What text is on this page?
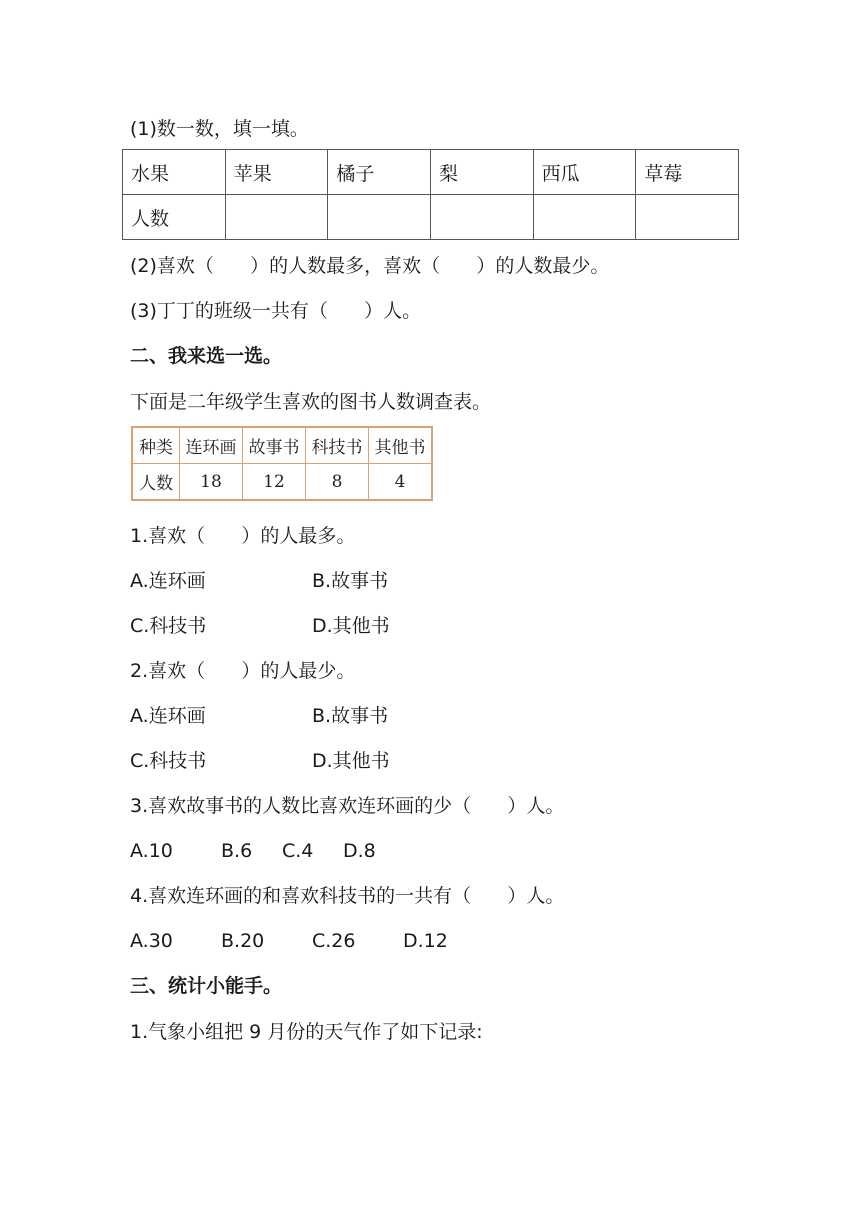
(1)数一数，填一填。
水果	苹果	橘子	梨	西瓜	草莓
人数					
(2)喜欢（      ）的人数最多，喜欢（      ）的人数最少。
(3)丁丁的班级一共有（      ）人。
二、我来选一选。
下面是二年级学生喜欢的图书人数调查表。
种类	连环画	故事书	科技书	其他书
人数	18	12	8	4
1.喜欢（      ）的人最多。
A.连环画	B.故事书
C.科技书	D.其他书
2.喜欢（      ）的人最少。
A.连环画	B.故事书
C.科技书	D.其他书
3.喜欢故事书的人数比喜欢连环画的少（      ）人。
A.10	B.6 C.4 D.8
4.喜欢连环画的和喜欢科技书的一共有（      ）人。
A.30	B.20	C.26	D.12
三、统计小能手。
1.气象小组把 9 月份的天气作了如下记录:
